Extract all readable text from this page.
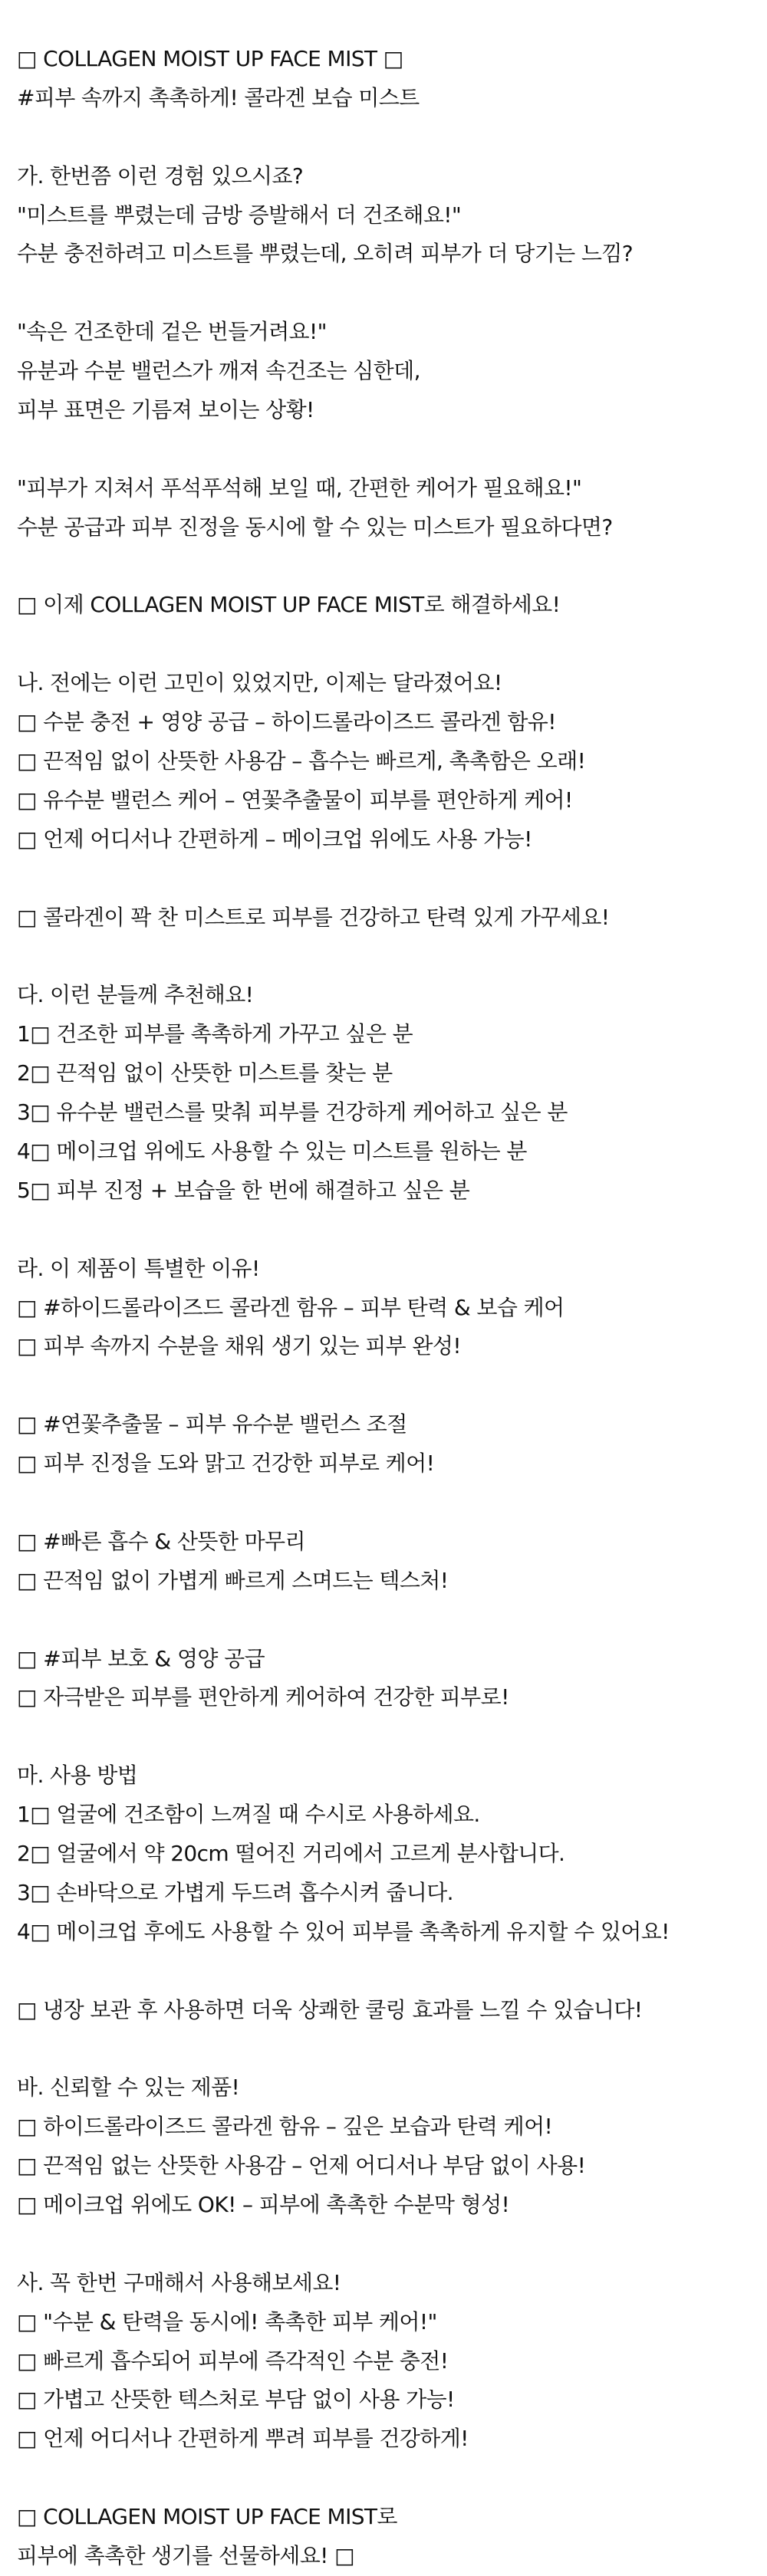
□ COLLAGEN MOIST UP FACE MIST □
#피부 속까지 촉촉하게! 콜라겐 보습 미스트
가. 한번쯤 이런 경험 있으시죠?
"미스트를 뿌렸는데 금방 증발해서 더 건조해요!"
수분 충전하려고 미스트를 뿌렸는데, 오히려 피부가 더 당기는 느낌?
"속은 건조한데 겉은 번들거려요!"
유분과 수분 밸런스가 깨져 속건조는 심한데,
피부 표면은 기름져 보이는 상황!
"피부가 지쳐서 푸석푸석해 보일 때, 간편한 케어가 필요해요!"
수분 공급과 피부 진정을 동시에 할 수 있는 미스트가 필요하다면?
□ 이제 COLLAGEN MOIST UP FACE MIST로 해결하세요!
나. 전에는 이런 고민이 있었지만, 이제는 달라졌어요!
□ 수분 충전 + 영양 공급 – 하이드롤라이즈드 콜라겐 함유!
□ 끈적임 없이 산뜻한 사용감 – 흡수는 빠르게, 촉촉함은 오래!
□ 유수분 밸런스 케어 – 연꽃추출물이 피부를 편안하게 케어!
□ 언제 어디서나 간편하게 – 메이크업 위에도 사용 가능!
□ 콜라겐이 꽉 찬 미스트로 피부를 건강하고 탄력 있게 가꾸세요!
다. 이런 분들께 추천해요!
1□ 건조한 피부를 촉촉하게 가꾸고 싶은 분
2□ 끈적임 없이 산뜻한 미스트를 찾는 분
3□ 유수분 밸런스를 맞춰 피부를 건강하게 케어하고 싶은 분
4□ 메이크업 위에도 사용할 수 있는 미스트를 원하는 분
5□ 피부 진정 + 보습을 한 번에 해결하고 싶은 분
라. 이 제품이 특별한 이유!
□ #하이드롤라이즈드 콜라겐 함유 – 피부 탄력 & 보습 케어
□ 피부 속까지 수분을 채워 생기 있는 피부 완성!
□ #연꽃추출물 – 피부 유수분 밸런스 조절
□ 피부 진정을 도와 맑고 건강한 피부로 케어!
□ #빠른 흡수 & 산뜻한 마무리
□ 끈적임 없이 가볍게 빠르게 스며드는 텍스처!
□ #피부 보호 & 영양 공급
□ 자극받은 피부를 편안하게 케어하여 건강한 피부로!
마. 사용 방법
1□ 얼굴에 건조함이 느껴질 때 수시로 사용하세요.
2□ 얼굴에서 약 20cm 떨어진 거리에서 고르게 분사합니다.
3□ 손바닥으로 가볍게 두드려 흡수시켜 줍니다.
4□ 메이크업 후에도 사용할 수 있어 피부를 촉촉하게 유지할 수 있어요!
□ 냉장 보관 후 사용하면 더욱 상쾌한 쿨링 효과를 느낄 수 있습니다!
바. 신뢰할 수 있는 제품!
□ 하이드롤라이즈드 콜라겐 함유 – 깊은 보습과 탄력 케어!
□ 끈적임 없는 산뜻한 사용감 – 언제 어디서나 부담 없이 사용!
□ 메이크업 위에도 OK! – 피부에 촉촉한 수분막 형성!
사. 꼭 한번 구매해서 사용해보세요!
□ "수분 & 탄력을 동시에! 촉촉한 피부 케어!"
□ 빠르게 흡수되어 피부에 즉각적인 수분 충전!
□ 가볍고 산뜻한 텍스처로 부담 없이 사용 가능!
□ 언제 어디서나 간편하게 뿌려 피부를 건강하게!
□ COLLAGEN MOIST UP FACE MIST로
피부에 촉촉한 생기를 선물하세요! □
